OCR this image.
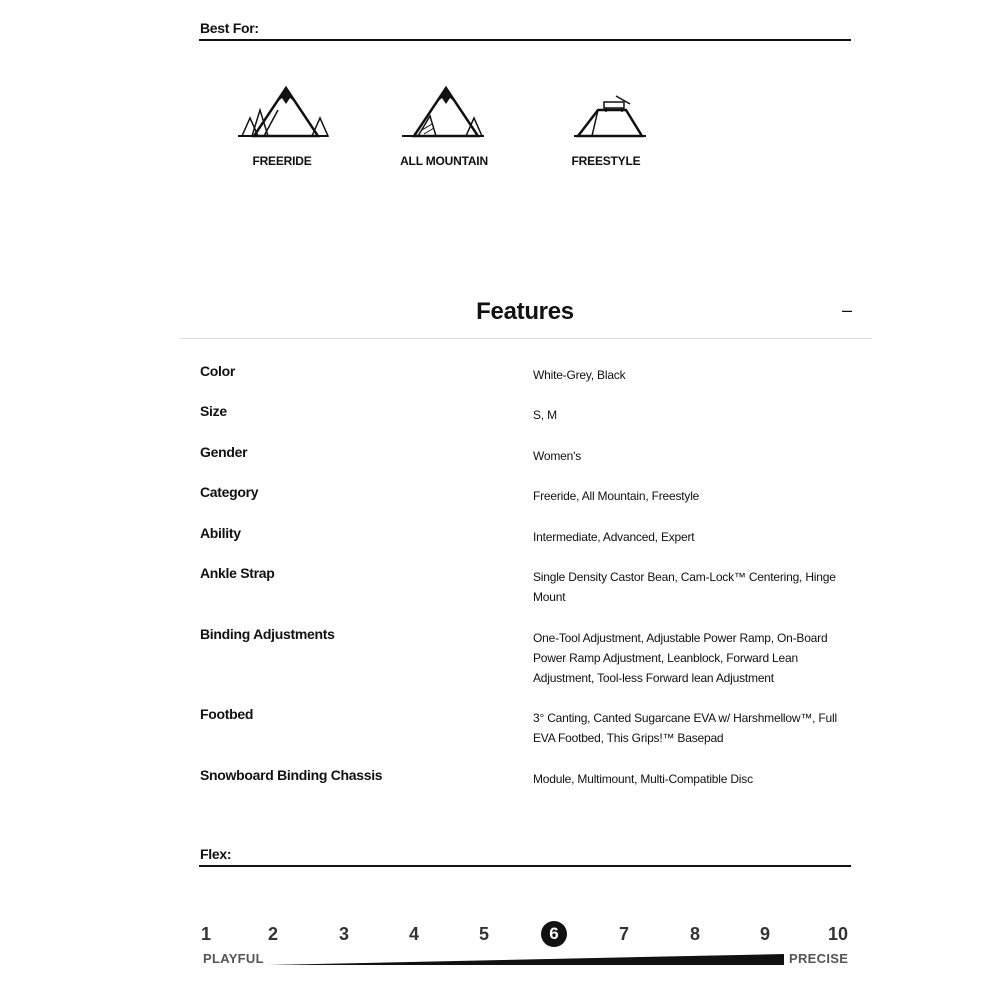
Best For:
FREERIDE	ALL MOUNTAIN	FREESTYLE
Features	–
Color	White-Grey, Black
Size	S, M
Gender	Women's
Category	Freeride, All Mountain, Freestyle
Ability	Intermediate, Advanced, Expert
Ankle Strap	Single Density Castor Bean, Cam-Lock™ Centering, Hinge Mount
Binding Adjustments	One-Tool Adjustment, Adjustable Power Ramp, On-Board Power Ramp Adjustment, Leanblock, Forward Lean Adjustment, Tool-less Forward lean Adjustment
Footbed	3° Canting, Canted Sugarcane EVA w/ Harshmellow™, Full EVA Footbed, This Grips!™ Basepad
Snowboard Binding Chassis	Module, Multimount, Multi-Compatible Disc
Flex:
1	2	3	4	5	6	7	8	9	10
PLAYFUL	PRECISE
